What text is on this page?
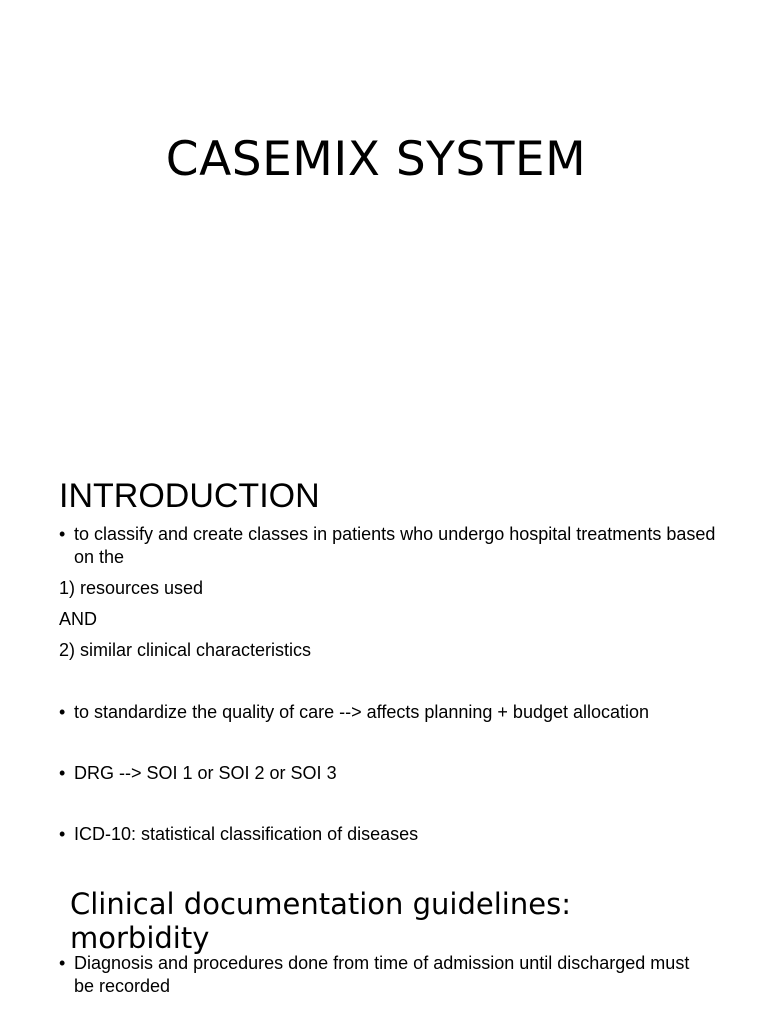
CASEMIX SYSTEM
INTRODUCTION
• to classify and create classes in patients who undergo hospital treatments based on the
1) resources used
AND
2) similar clinical characteristics
• to standardize the quality of care --> affects planning + budget allocation
• DRG --> SOI 1 or SOI 2 or SOI 3
• ICD-10: statistical classification of diseases
Clinical documentation guidelines: morbidity
• Diagnosis and procedures done from time of admission until discharged must be recorded
